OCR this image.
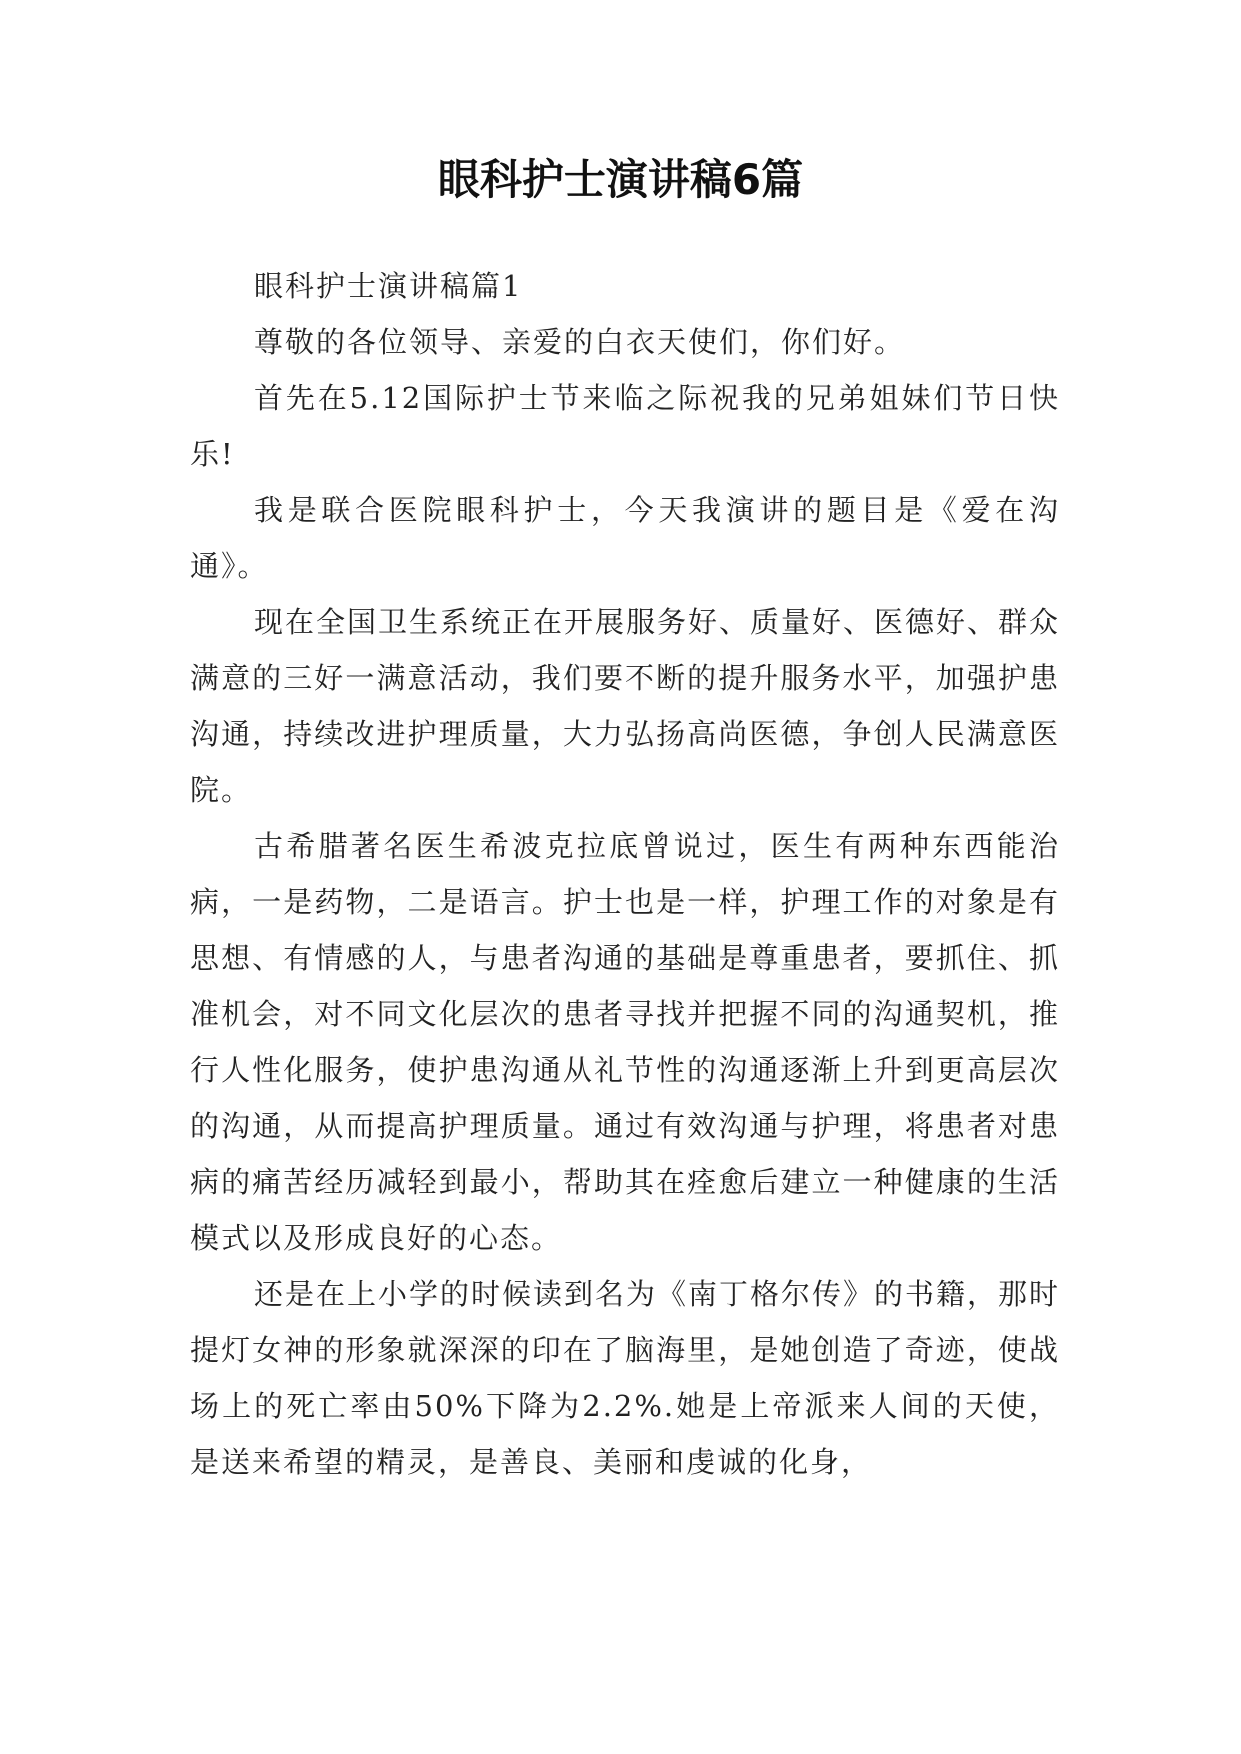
眼科护士演讲稿6篇

眼科护士演讲稿篇1

尊敬的各位领导、亲爱的白衣天使们，你们好。

首先在5.12国际护士节来临之际祝我的兄弟姐妹们节日快乐!

我是联合医院眼科护士，今天我演讲的题目是《爱在沟通》。

现在全国卫生系统正在开展服务好、质量好、医德好、群众满意的三好一满意活动，我们要不断的提升服务水平，加强护患沟通，持续改进护理质量，大力弘扬高尚医德，争创人民满意医院。

古希腊著名医生希波克拉底曾说过，医生有两种东西能治病，一是药物，二是语言。护士也是一样，护理工作的对象是有思想、有情感的人，与患者沟通的基础是尊重患者，要抓住、抓准机会，对不同文化层次的患者寻找并把握不同的沟通契机，推行人性化服务，使护患沟通从礼节性的沟通逐渐上升到更高层次的沟通，从而提高护理质量。通过有效沟通与护理，将患者对患病的痛苦经历减轻到最小，帮助其在痊愈后建立一种健康的生活模式以及形成良好的心态。

还是在上小学的时候读到名为《南丁格尔传》的书籍，那时提灯女神的形象就深深的印在了脑海里，是她创造了奇迹，使战场上的死亡率由50%下降为2.2%.她是上帝派来人间的天使，是送来希望的精灵，是善良、美丽和虔诚的化身，
